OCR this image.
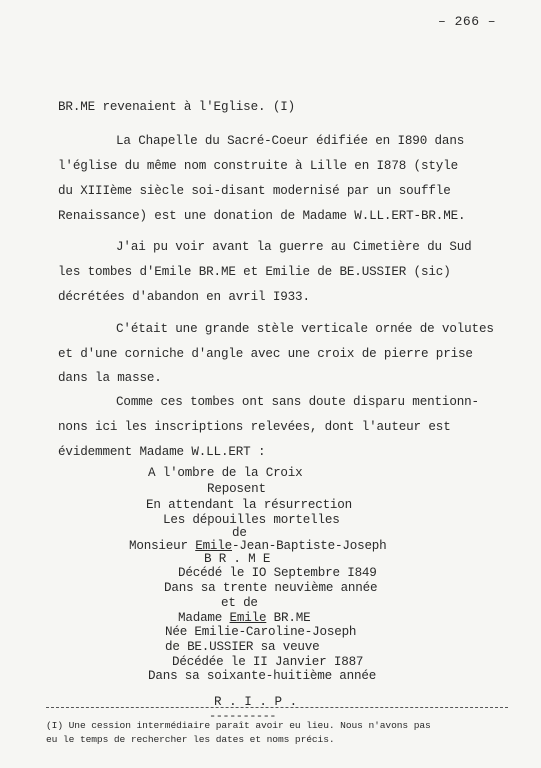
– 266 –
BR.ME revenaient à l'Eglise. (I)
La Chapelle du Sacré-Coeur édifiée en I890 dans
l'église du même nom construite à Lille en I878 (style
du XIIIème siècle soi-disant modernisé par un souffle
Renaissance) est une donation de Madame W.LL.ERT-BR.ME.
J'ai pu voir avant la guerre au Cimetière du Sud
les tombes d'Emile BR.ME et Emilie de BE.USSIER (sic)
décrétées d'abandon en avril I933.
C'était une grande stèle verticale ornée de volutes
et d'une corniche d'angle avec une croix de pierre prise
dans la masse.
Comme ces tombes ont sans doute disparu mentionn-
nons ici les inscriptions relevées, dont l'auteur est
évidemment Madame W.LL.ERT :
A l'ombre de la Croix
Reposent
En attendant la résurrection
Les dépouilles mortelles
de
Monsieur Emile-Jean-Baptiste-Joseph
B R . M E
Décédé le IO Septembre I849
Dans sa trente neuvième année
et de
Madame Emile BR.ME
Née Emilie-Caroline-Joseph
de BE.USSIER sa veuve
Décédée le II Janvier I887
Dans sa soixante-huitième année
R . I . P .
----------
(I) Une cession intermédiaire paraît avoir eu lieu. Nous n'avons pas
eu le temps de rechercher les dates et noms précis.
